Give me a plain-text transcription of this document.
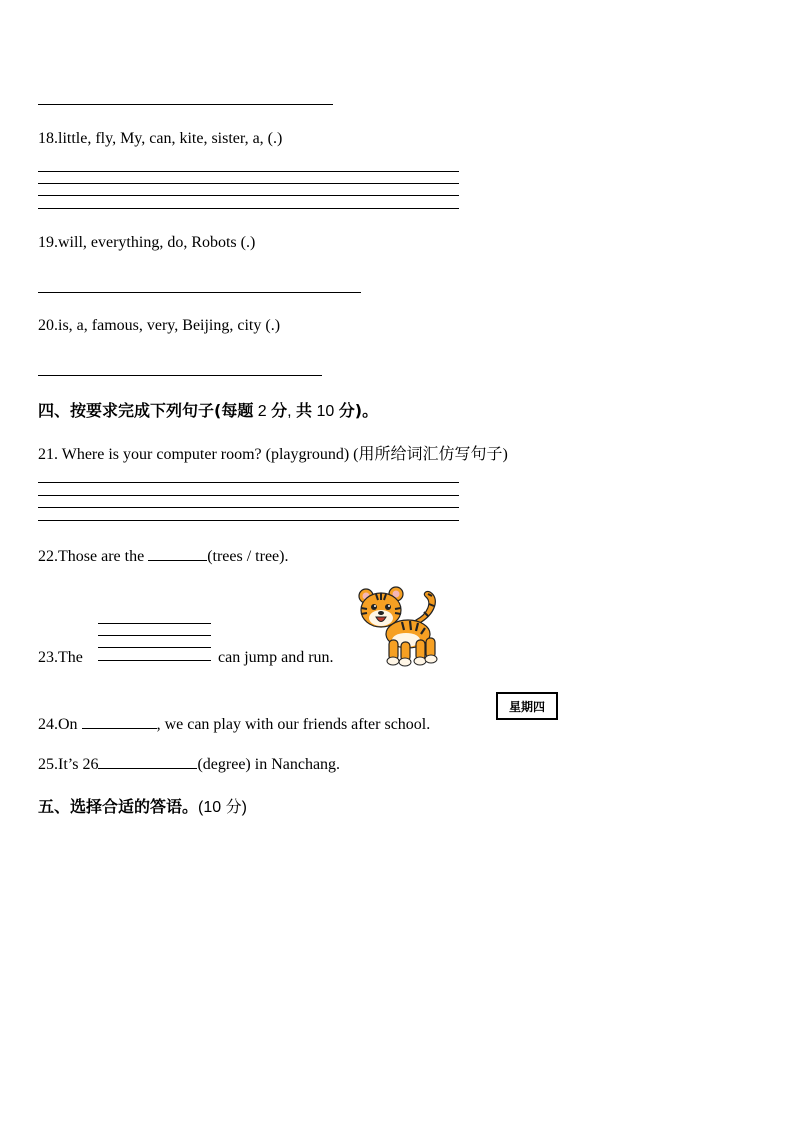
18.little, fly, My, can, kite, sister, a, (.)
19.will, everything, do, Robots (.)
20.is, a, famous, very, Beijing, city (.)
四、按要求完成下列句子(每题 2 分, 共 10 分)。
21. Where is your computer room? (playground) (用所给词汇仿写句子)
22.Those are the	(trees / tree).
23.The	can jump and run.
24.On	, we can play with our friends after school.
星期四
25.It’s 26	(degree) in Nanchang.
五、选择合适的答语。(10 分)
